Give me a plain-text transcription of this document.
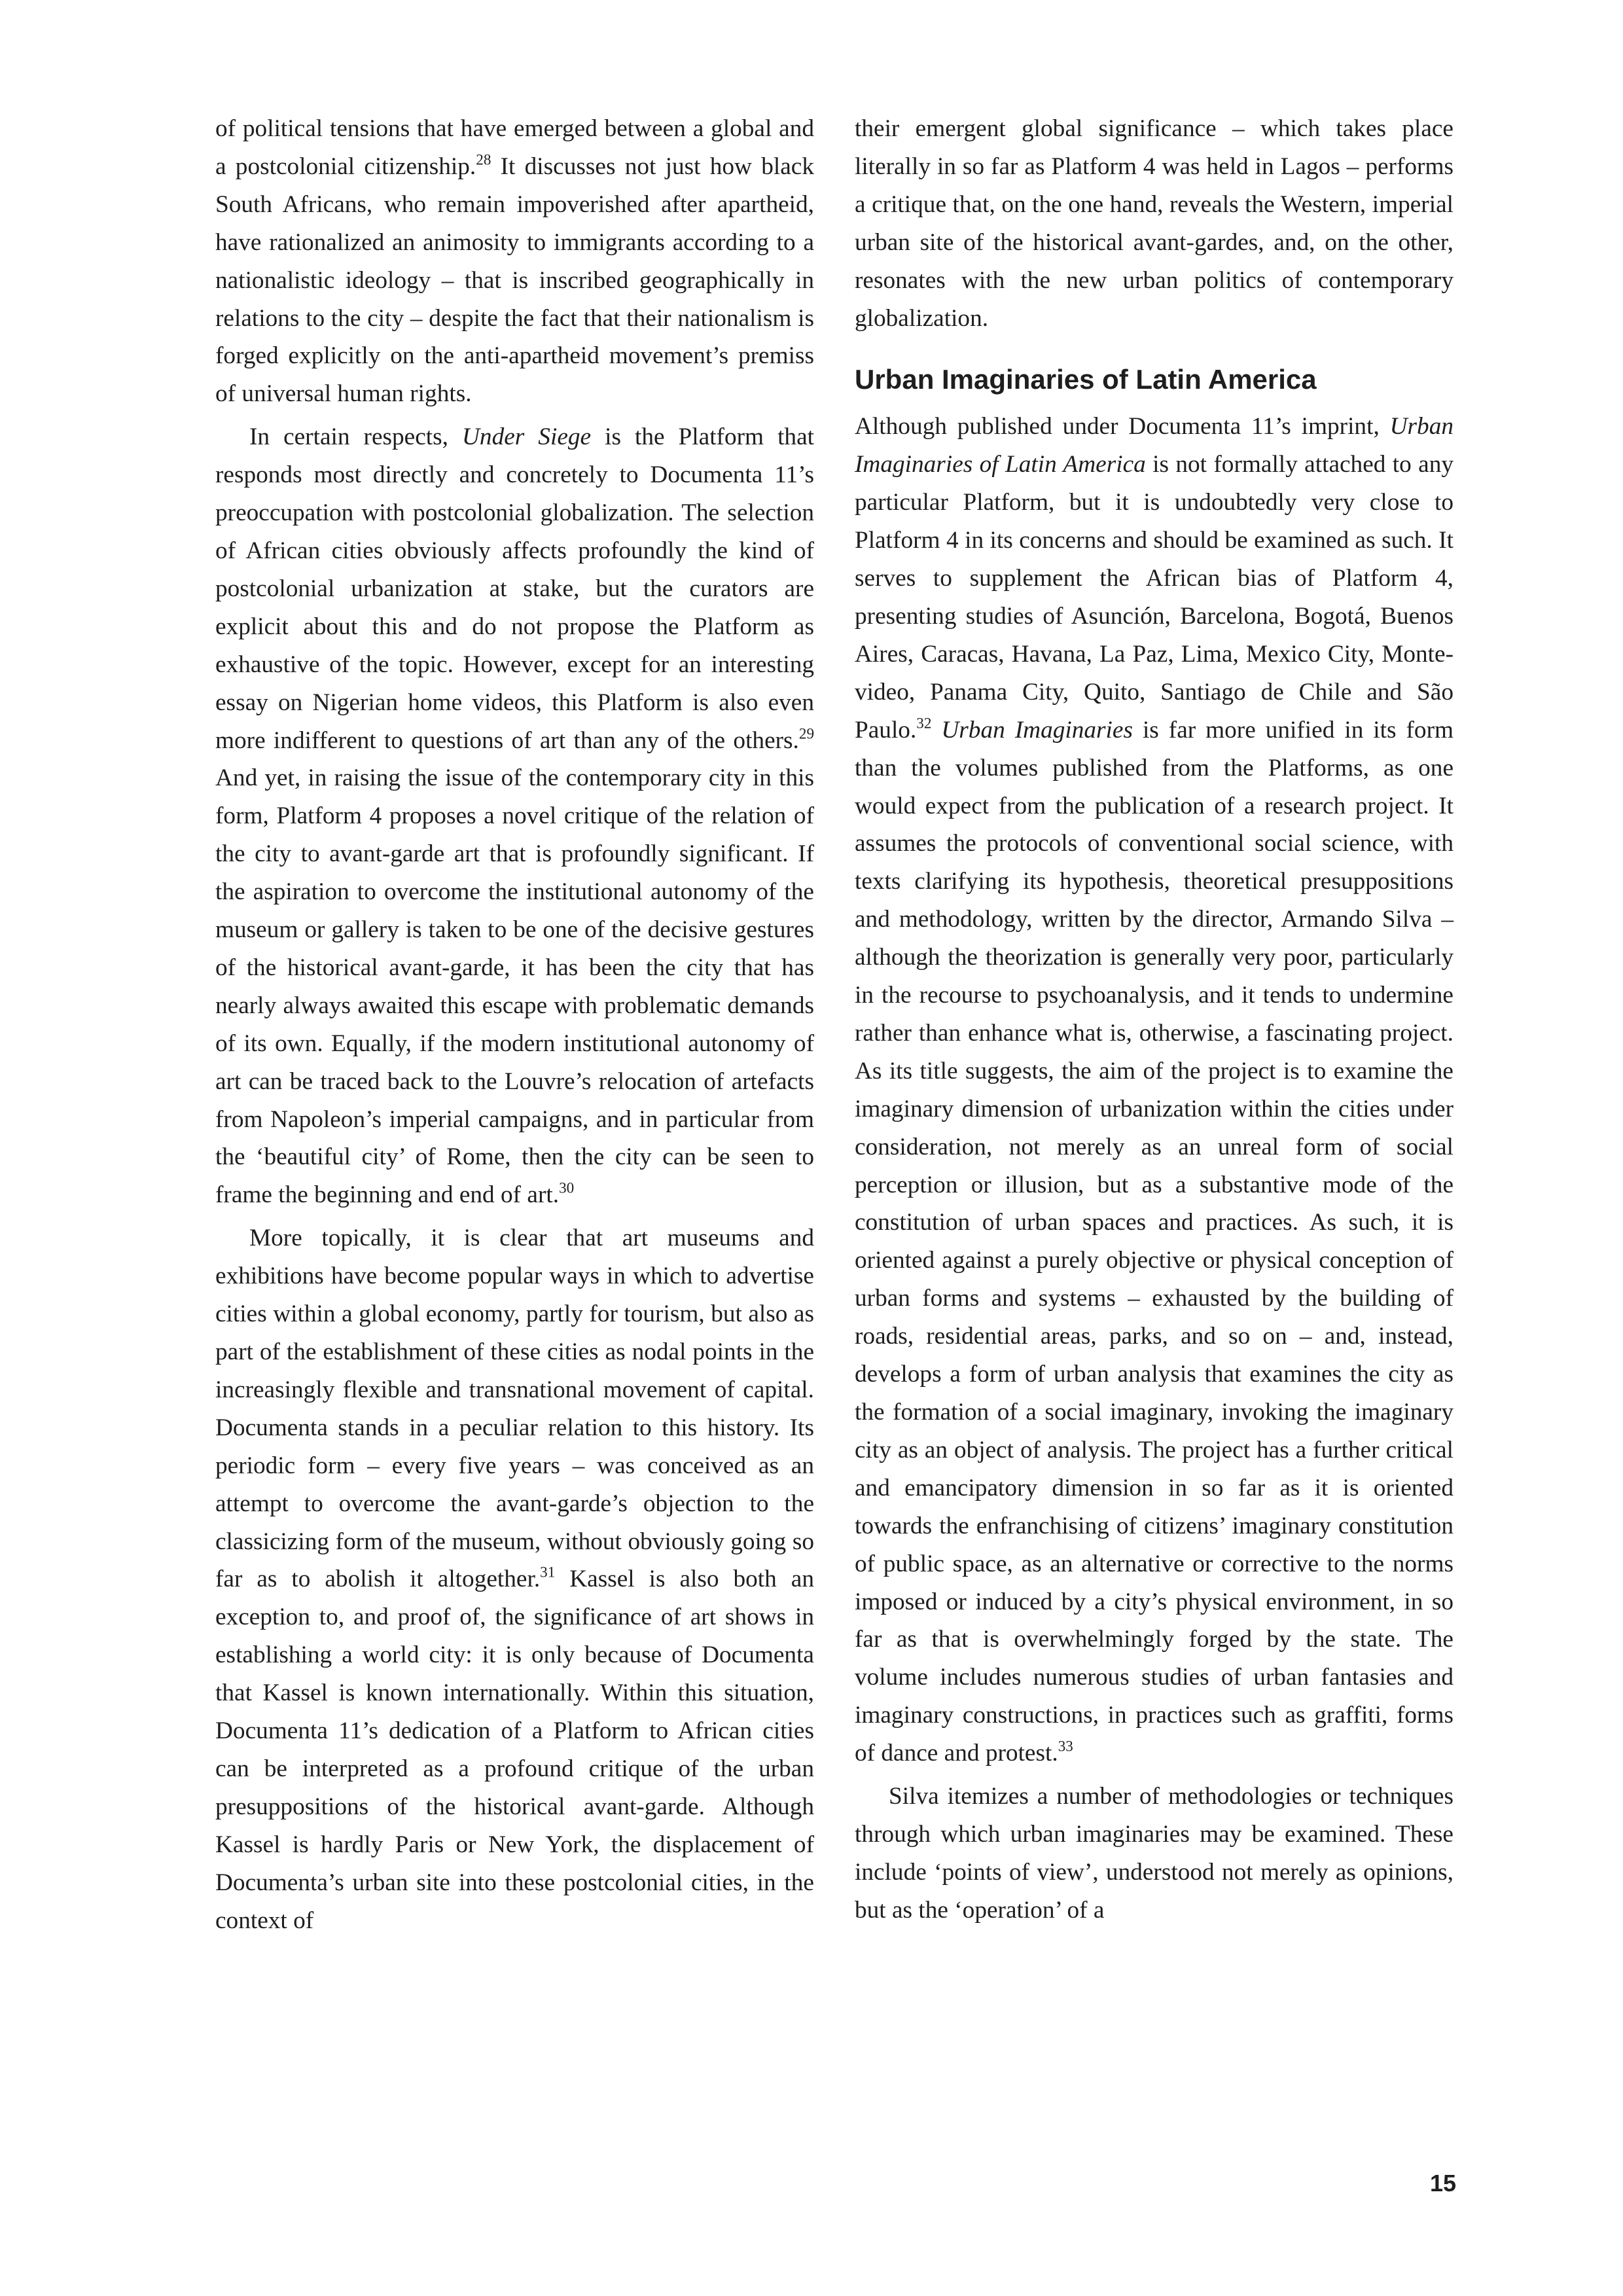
of political tensions that have emerged between a global and a postcolonial citizenship.$^{28}$ It discusses not just how black South Africans, who remain impoverished after apartheid, have rationalized an animosity to immigrants according to a nationalistic ideology – that is inscribed geographically in relations to the city – despite the fact that their nationalism is forged explicitly on the anti-apartheid movement’s premiss of universal human rights.

In certain respects, Under Siege is the Platform that responds most directly and concretely to Documenta 11’s preoccupation with postcolonial globalization. The selection of African cities obviously affects profoundly the kind of postcolonial urbanization at stake, but the curators are explicit about this and do not propose the Platform as exhaustive of the topic. However, except for an interesting essay on Nigerian home videos, this Platform is also even more indifferent to questions of art than any of the others.$^{29}$ And yet, in raising the issue of the contemporary city in this form, Platform 4 proposes a novel critique of the relation of the city to avant-garde art that is profoundly significant. If the aspiration to overcome the institutional autonomy of the museum or gallery is taken to be one of the decisive gestures of the historical avant-garde, it has been the city that has nearly always awaited this escape with problematic demands of its own. Equally, if the modern institutional autonomy of art can be traced back to the Louvre’s relocation of artefacts from Napoleon’s imperial campaigns, and in particular from the ‘beautiful city’ of Rome, then the city can be seen to frame the beginning and end of art.$^{30}$

More topically, it is clear that art museums and exhibitions have become popular ways in which to advertise cities within a global economy, partly for tourism, but also as part of the establishment of these cities as nodal points in the increasingly flexible and transnational movement of capital. Documenta stands in a peculiar relation to this history. Its periodic form – every five years – was conceived as an attempt to overcome the avant-garde’s objection to the classicizing form of the museum, without obviously going so far as to abolish it altogether.$^{31}$ Kassel is also both an exception to, and proof of, the significance of art shows in establishing a world city: it is only because of Documenta that Kassel is known internationally. Within this situation, Documenta 11’s dedication of a Platform to African cities can be interpreted as a profound critique of the urban presuppositions of the historical avant-garde. Although Kassel is hardly Paris or New York, the displacement of Documenta’s urban site into these postcolonial cities, in the context of

their emergent global significance – which takes place literally in so far as Platform 4 was held in Lagos – performs a critique that, on the one hand, reveals the Western, imperial urban site of the historical avant-gardes, and, on the other, resonates with the new urban politics of contemporary globalization.

Urban Imaginaries of Latin America

Although published under Documenta 11’s imprint, Urban Imaginaries of Latin America is not formally attached to any particular Platform, but it is undoubtedly very close to Platform 4 in its concerns and should be examined as such. It serves to supplement the African bias of Platform 4, presenting studies of Asunción, Barcelona, Bogotá, Buenos Aires, Caracas, Havana, La Paz, Lima, Mexico City, Montevideo, Panama City, Quito, Santiago de Chile and São Paulo.$^{32}$ Urban Imaginaries is far more unified in its form than the volumes published from the Platforms, as one would expect from the publication of a research project. It assumes the protocols of conventional social science, with texts clarifying its hypothesis, theoretical presuppositions and methodology, written by the director, Armando Silva – although the theorization is generally very poor, particularly in the recourse to psychoanalysis, and it tends to undermine rather than enhance what is, otherwise, a fascinating project. As its title suggests, the aim of the project is to examine the imaginary dimension of urbanization within the cities under consideration, not merely as an unreal form of social perception or illusion, but as a substantive mode of the constitution of urban spaces and practices. As such, it is oriented against a purely objective or physical conception of urban forms and systems – exhausted by the building of roads, residential areas, parks, and so on – and, instead, develops a form of urban analysis that examines the city as the formation of a social imaginary, invoking the imaginary city as an object of analysis. The project has a further critical and emancipatory dimension in so far as it is oriented towards the enfranchising of citizens’ imaginary constitution of public space, as an alternative or corrective to the norms imposed or induced by a city’s physical environment, in so far as that is overwhelmingly forged by the state. The volume includes numerous studies of urban fantasies and imaginary constructions, in practices such as graffiti, forms of dance and protest.$^{33}$

Silva itemizes a number of methodologies or techniques through which urban imaginaries may be examined. These include ‘points of view’, understood not merely as opinions, but as the ‘operation’ of a

15
